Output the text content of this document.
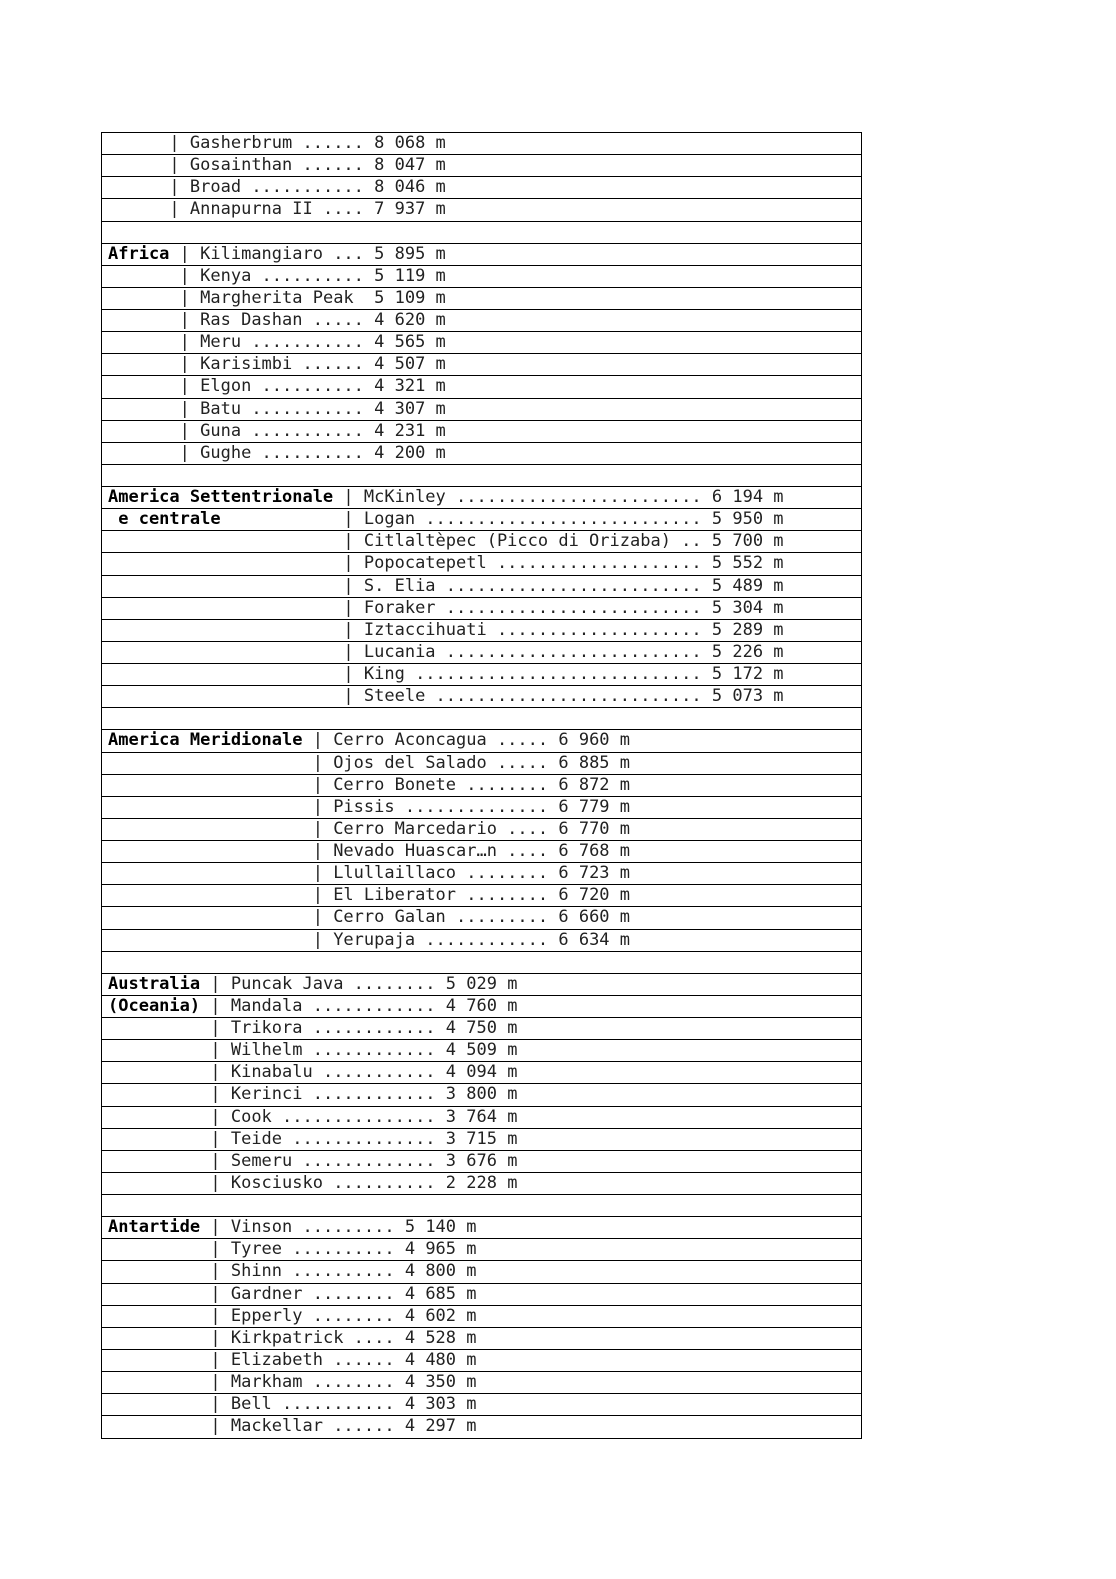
| Gasherbrum ...... 8 068 m
| Gosainthan ...... 8 047 m
| Broad ........... 8 046 m
| Annapurna II .... 7 937 m
Africa | Kilimangiaro ... 5 895 m
| Kenya .......... 5 119 m
| Margherita Peak  5 109 m
| Ras Dashan ..... 4 620 m
| Meru ........... 4 565 m
| Karisimbi ...... 4 507 m
| Elgon .......... 4 321 m
| Batu ........... 4 307 m
| Guna ........... 4 231 m
| Gughe .......... 4 200 m
America Settentrionale | McKinley ........................ 6 194 m
e centrale            | Logan ........................... 5 950 m
| Citlaltèpec (Picco di Orizaba) .. 5 700 m
| Popocatepetl .................... 5 552 m
| S. Elia ......................... 5 489 m
| Foraker ......................... 5 304 m
| Iztaccihuati .................... 5 289 m
| Lucania ......................... 5 226 m
| King ............................ 5 172 m
| Steele .......................... 5 073 m
America Meridionale | Cerro Aconcagua ..... 6 960 m
| Ojos del Salado ..... 6 885 m
| Cerro Bonete ........ 6 872 m
| Pissis .............. 6 779 m
| Cerro Marcedario .... 6 770 m
| Nevado Huascar…n .... 6 768 m
| Llullaillaco ........ 6 723 m
| El Liberator ........ 6 720 m
| Cerro Galan ......... 6 660 m
| Yerupaja ............ 6 634 m
Australia | Puncak Java ........ 5 029 m
(Oceania) | Mandala ............ 4 760 m
| Trikora ............ 4 750 m
| Wilhelm ............ 4 509 m
| Kinabalu ........... 4 094 m
| Kerinci ............ 3 800 m
| Cook ............... 3 764 m
| Teide .............. 3 715 m
| Semeru ............. 3 676 m
| Kosciusko .......... 2 228 m
Antartide | Vinson ......... 5 140 m
| Tyree .......... 4 965 m
| Shinn .......... 4 800 m
| Gardner ........ 4 685 m
| Epperly ........ 4 602 m
| Kirkpatrick .... 4 528 m
| Elizabeth ...... 4 480 m
| Markham ........ 4 350 m
| Bell ........... 4 303 m
| Mackellar ...... 4 297 m
